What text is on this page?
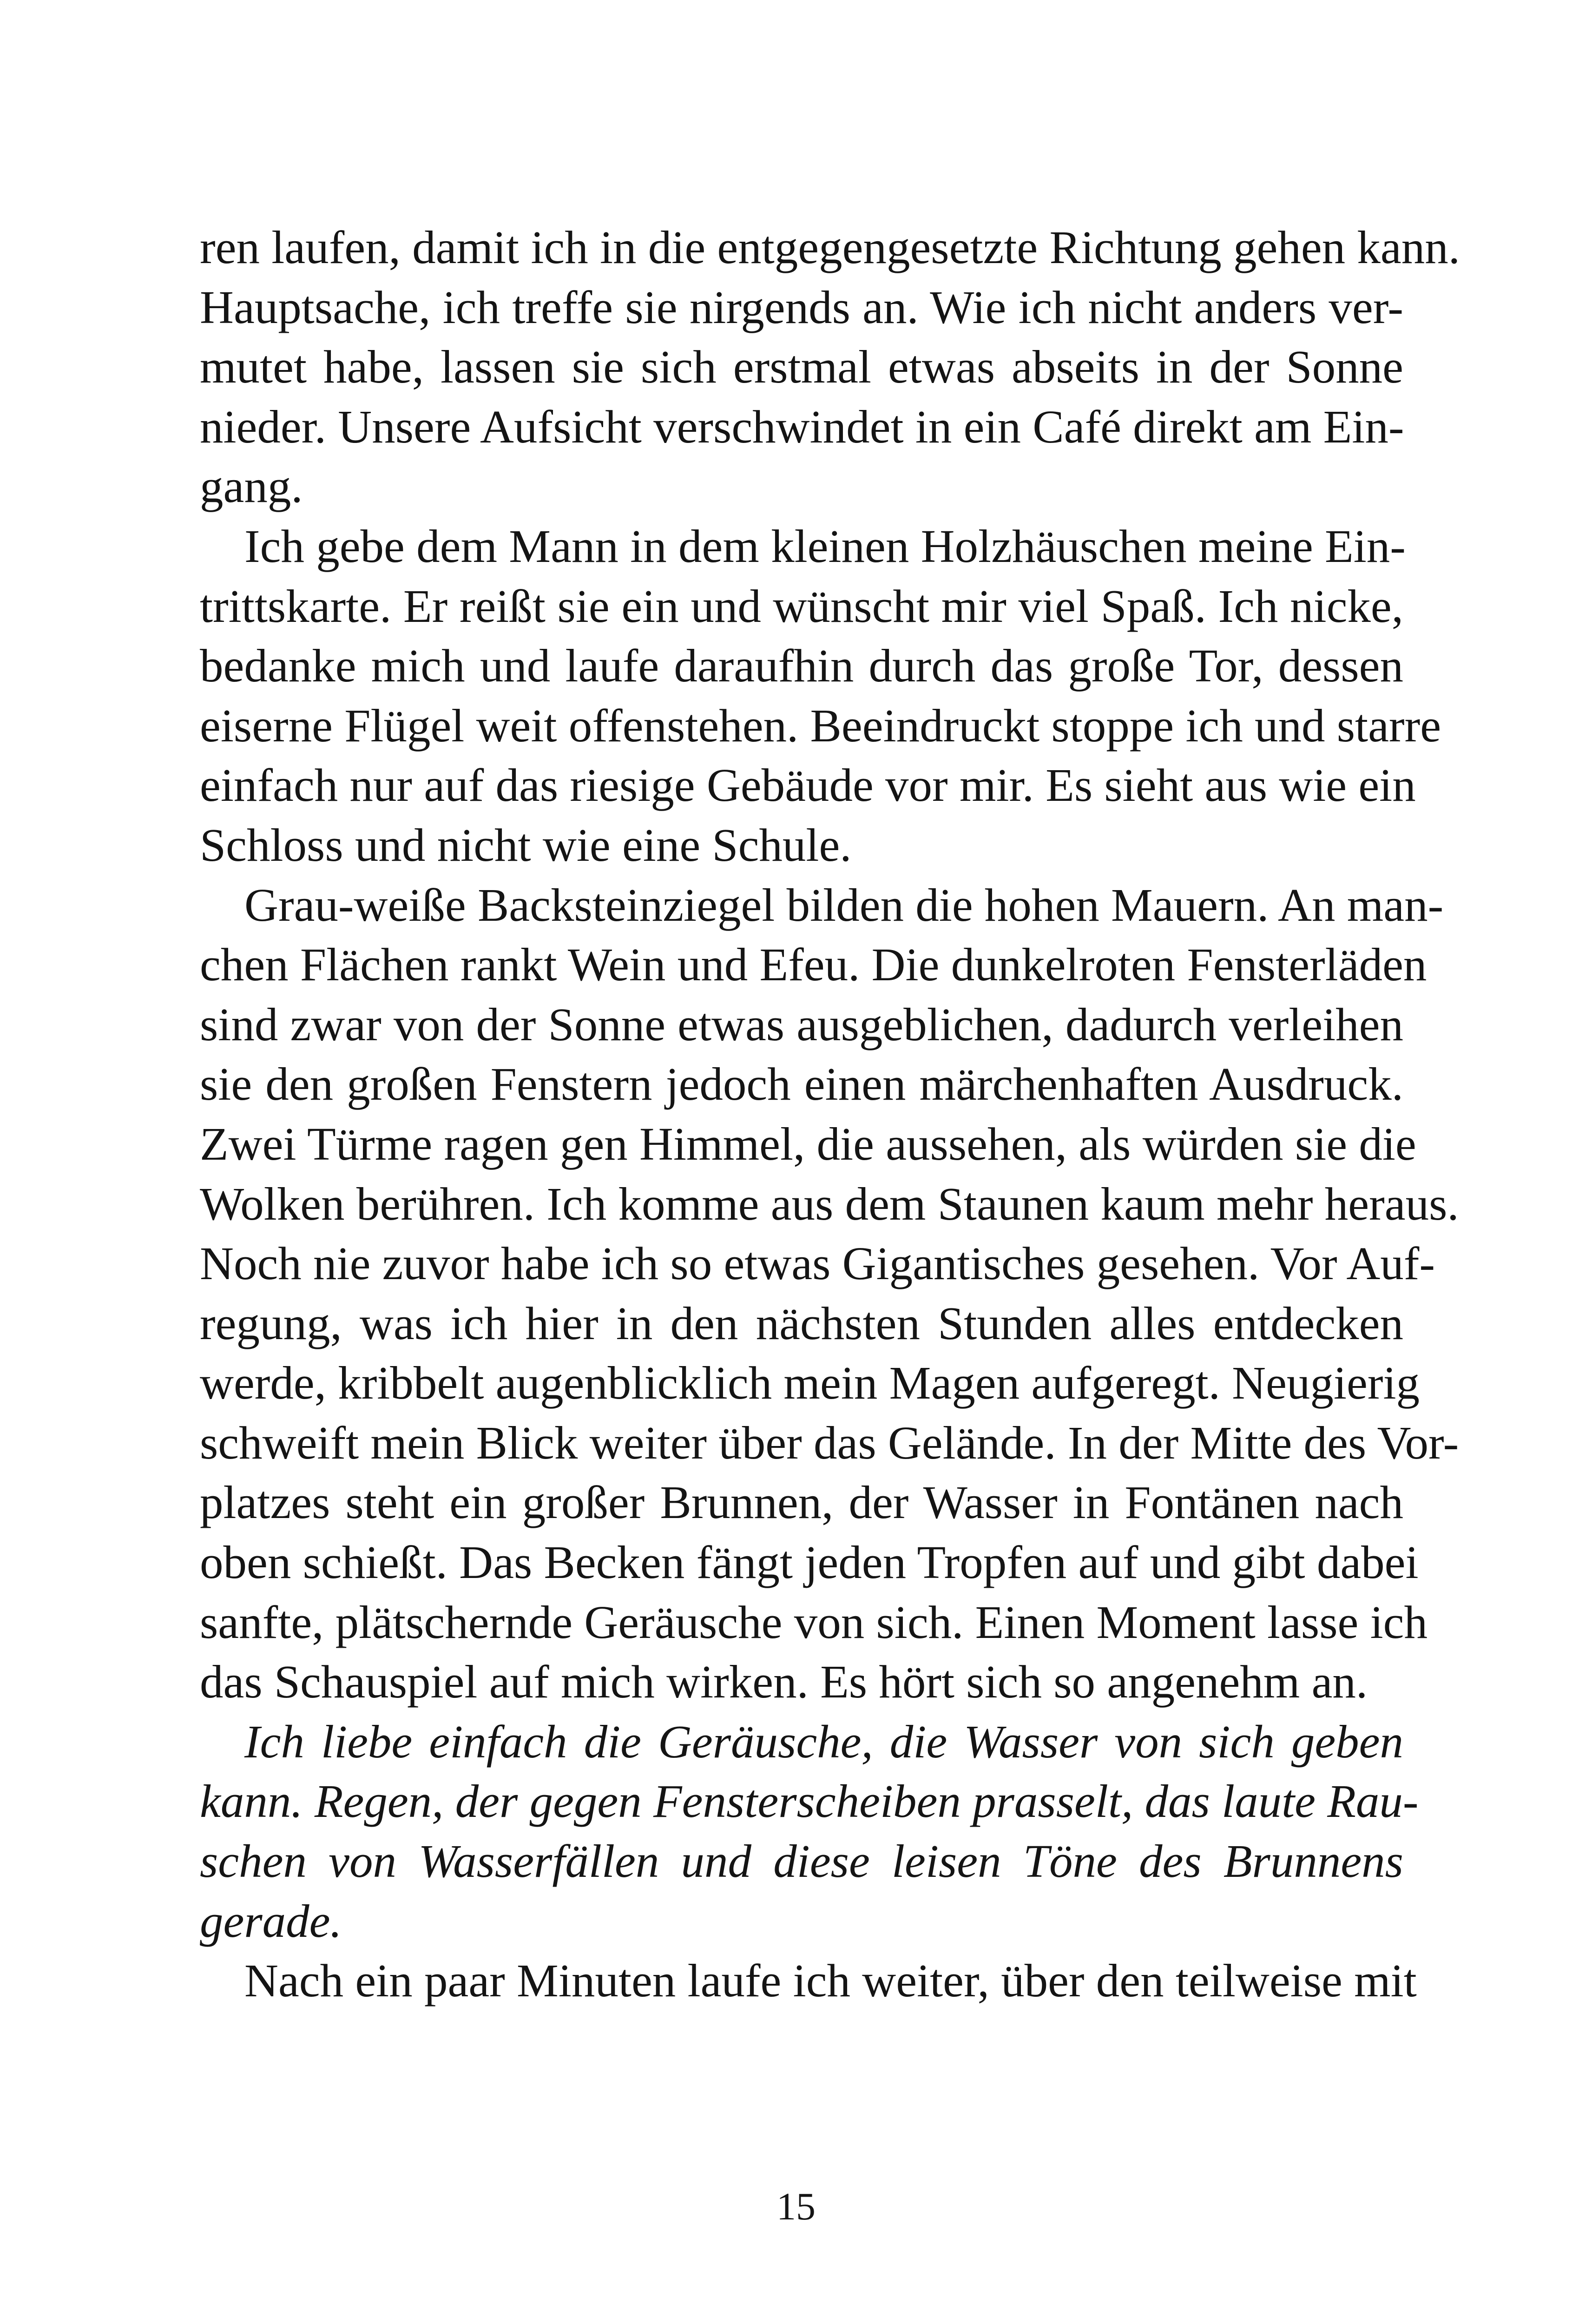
ren laufen, damit ich in die entgegengesetzte Richtung gehen kann.
Hauptsache, ich treffe sie nirgends an. Wie ich nicht anders ver-
mutet habe, lassen sie sich erstmal etwas abseits in der Sonne
nieder. Unsere Aufsicht verschwindet in ein Café direkt am Ein-
gang.
Ich gebe dem Mann in dem kleinen Holzhäuschen meine Ein-
trittskarte. Er reißt sie ein und wünscht mir viel Spaß. Ich nicke,
bedanke mich und laufe daraufhin durch das große Tor, dessen
eiserne Flügel weit offenstehen. Beeindruckt stoppe ich und starre
einfach nur auf das riesige Gebäude vor mir. Es sieht aus wie ein
Schloss und nicht wie eine Schule.
Grau-weiße Backsteinziegel bilden die hohen Mauern. An man-
chen Flächen rankt Wein und Efeu. Die dunkelroten Fensterläden
sind zwar von der Sonne etwas ausgeblichen, dadurch verleihen
sie den großen Fenstern jedoch einen märchenhaften Ausdruck.
Zwei Türme ragen gen Himmel, die aussehen, als würden sie die
Wolken berühren. Ich komme aus dem Staunen kaum mehr heraus.
Noch nie zuvor habe ich so etwas Gigantisches gesehen. Vor Auf-
regung, was ich hier in den nächsten Stunden alles entdecken
werde, kribbelt augenblicklich mein Magen aufgeregt. Neugierig
schweift mein Blick weiter über das Gelände. In der Mitte des Vor-
platzes steht ein großer Brunnen, der Wasser in Fontänen nach
oben schießt. Das Becken fängt jeden Tropfen auf und gibt dabei
sanfte, plätschernde Geräusche von sich. Einen Moment lasse ich
das Schauspiel auf mich wirken. Es hört sich so angenehm an.
Ich liebe einfach die Geräusche, die Wasser von sich geben
kann. Regen, der gegen Fensterscheiben prasselt, das laute Rau-
schen von Wasserfällen und diese leisen Töne des Brunnens
gerade.
Nach ein paar Minuten laufe ich weiter, über den teilweise mit
15
